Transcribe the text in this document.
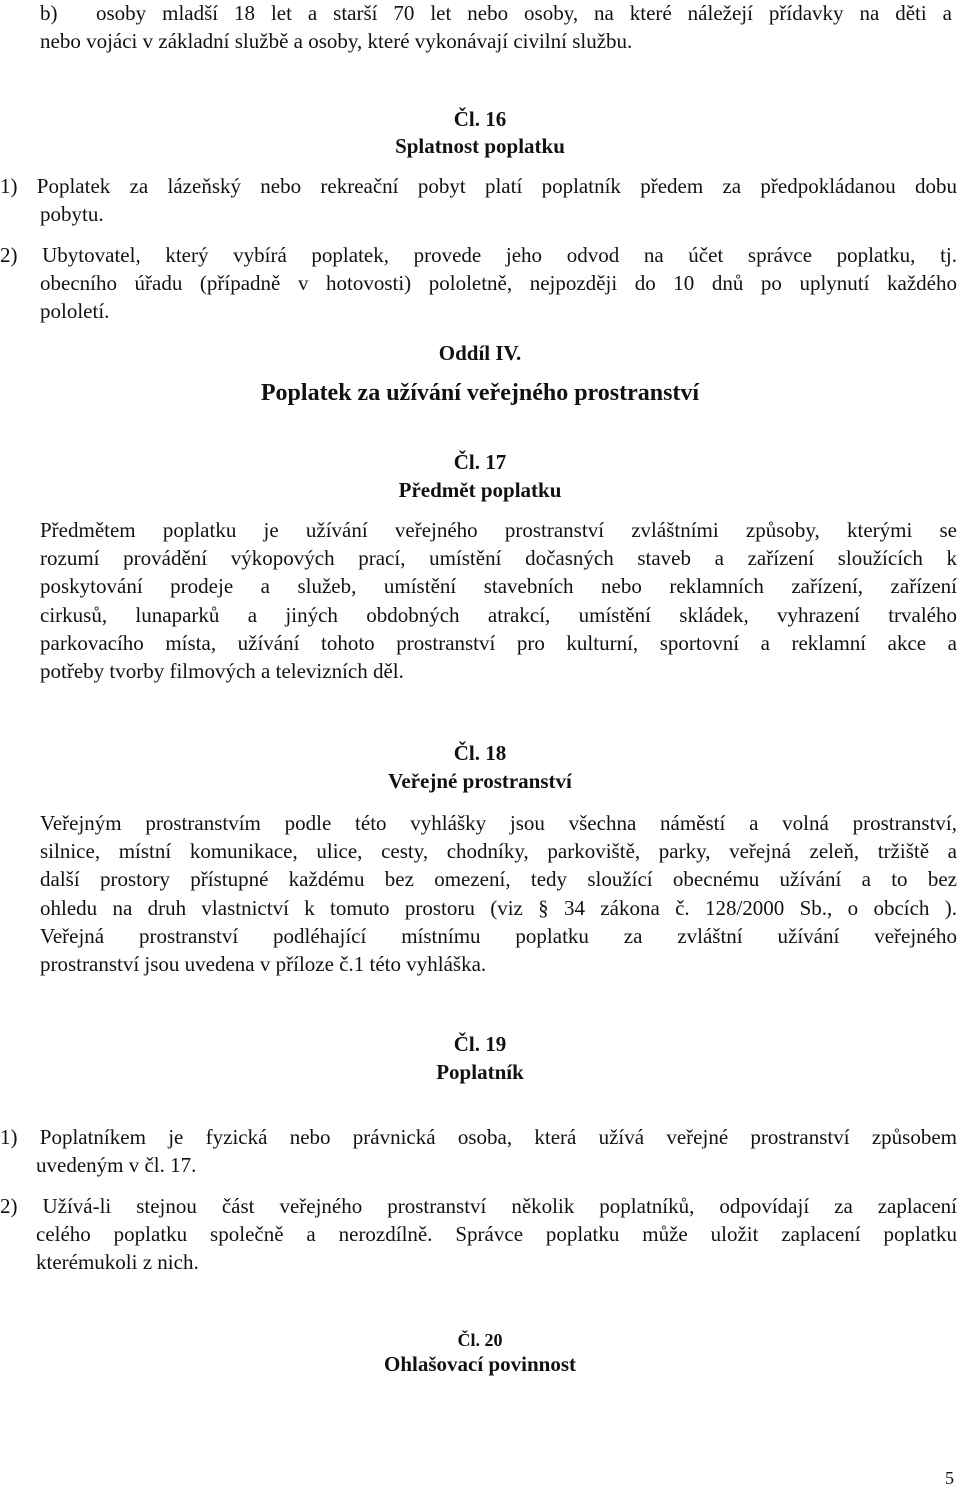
b) osoby mladší 18 let a starší 70 let nebo osoby, na které náležejí přídavky na děti a
nebo vojáci v základní službě a osoby, které vykonávají civilní službu.
Čl. 16
Splatnost poplatku
1) Poplatek za lázeňský nebo rekreační pobyt platí poplatník předem za předpokládanou dobu
pobytu.
2) Ubytovatel, který vybírá poplatek, provede jeho odvod na účet správce poplatku, tj.
obecního úřadu (případně v hotovosti) pololetně, nejpozději do 10 dnů po uplynutí každého
pololetí.
Oddíl IV.
Poplatek za užívání veřejného prostranství
Čl. 17
Předmět poplatku
Předmětem poplatku je užívání veřejného prostranství zvláštními způsoby, kterými se
rozumí provádění výkopových prací, umístění dočasných staveb a zařízení sloužících k
poskytování prodeje a služeb, umístění stavebních nebo reklamních zařízení, zařízení
cirkusů, lunaparků a jiných obdobných atrakcí, umístění skládek, vyhrazení trvalého
parkovacího místa, užívání tohoto prostranství pro kulturní, sportovní a reklamní akce a
potřeby tvorby filmových a televizních děl.
Čl. 18
Veřejné prostranství
Veřejným prostranstvím podle této vyhlášky jsou všechna náměstí a volná prostranství,
silnice, místní komunikace, ulice, cesty, chodníky, parkoviště, parky, veřejná zeleň, tržiště a
další prostory přístupné každému bez omezení, tedy sloužící obecnému užívání a to bez
ohledu na druh vlastnictví k tomuto prostoru (viz § 34 zákona č. 128/2000 Sb., o obcích ).
Veřejná prostranství podléhající místnímu poplatku za zvláštní užívání veřejného
prostranství jsou uvedena v příloze č.1 této vyhláška.
Čl. 19
Poplatník
1) Poplatníkem je fyzická nebo právnická osoba, která užívá veřejné prostranství způsobem
uvedeným v čl. 17.
2) Užívá-li stejnou část veřejného prostranství několik poplatníků, odpovídají za zaplacení
celého poplatku společně a nerozdílně. Správce poplatku může uložit zaplacení poplatku
kterémukoli z nich.
Čl. 20
Ohlašovací povinnost
5
